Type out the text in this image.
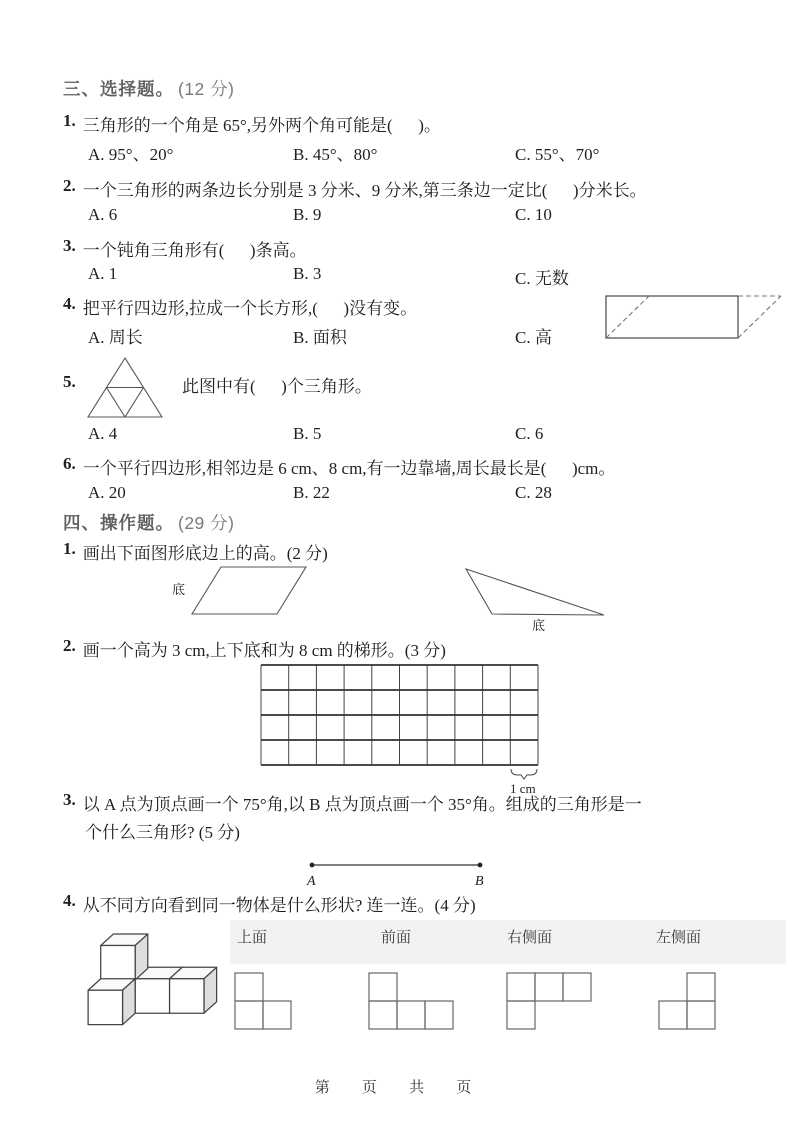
三、选择题。 (12 分)
1. 三角形的一个角是 65°,另外两个角可能是(      )。
A. 95°、20°	B. 45°、80°	C. 55°、70°
2. 一个三角形的两条边长分别是 3 分米、9 分米,第三条边一定比(      )分米长。
A. 6	B. 9	C. 10
3. 一个钝角三角形有(      )条高。
A. 1	B. 3	C. 无数
4. 把平行四边形,拉成一个长方形,(      )没有变。
A. 周长	B. 面积	C. 高
5.	此图中有(      )个三角形。
A. 4	B. 5	C. 6
6. 一个平行四边形,相邻边是 6 cm、8 cm,有一边靠墙,周长最长是(      )cm。
A. 20	B. 22	C. 28
四、操作题。 (29 分)
1. 画出下面图形底边上的高。(2 分)
底
底
2. 画一个高为 3 cm,上下底和为 8 cm 的梯形。(3 分)
1 cm
3. 以 A 点为顶点画一个 75°角,以 B 点为顶点画一个 35°角。组成的三角形是一
个什么三角形? (5 分)
A	B
4. 从不同方向看到同一物体是什么形状? 连一连。(4 分)
上面	前面	右侧面	左侧面
第 页 共 页
